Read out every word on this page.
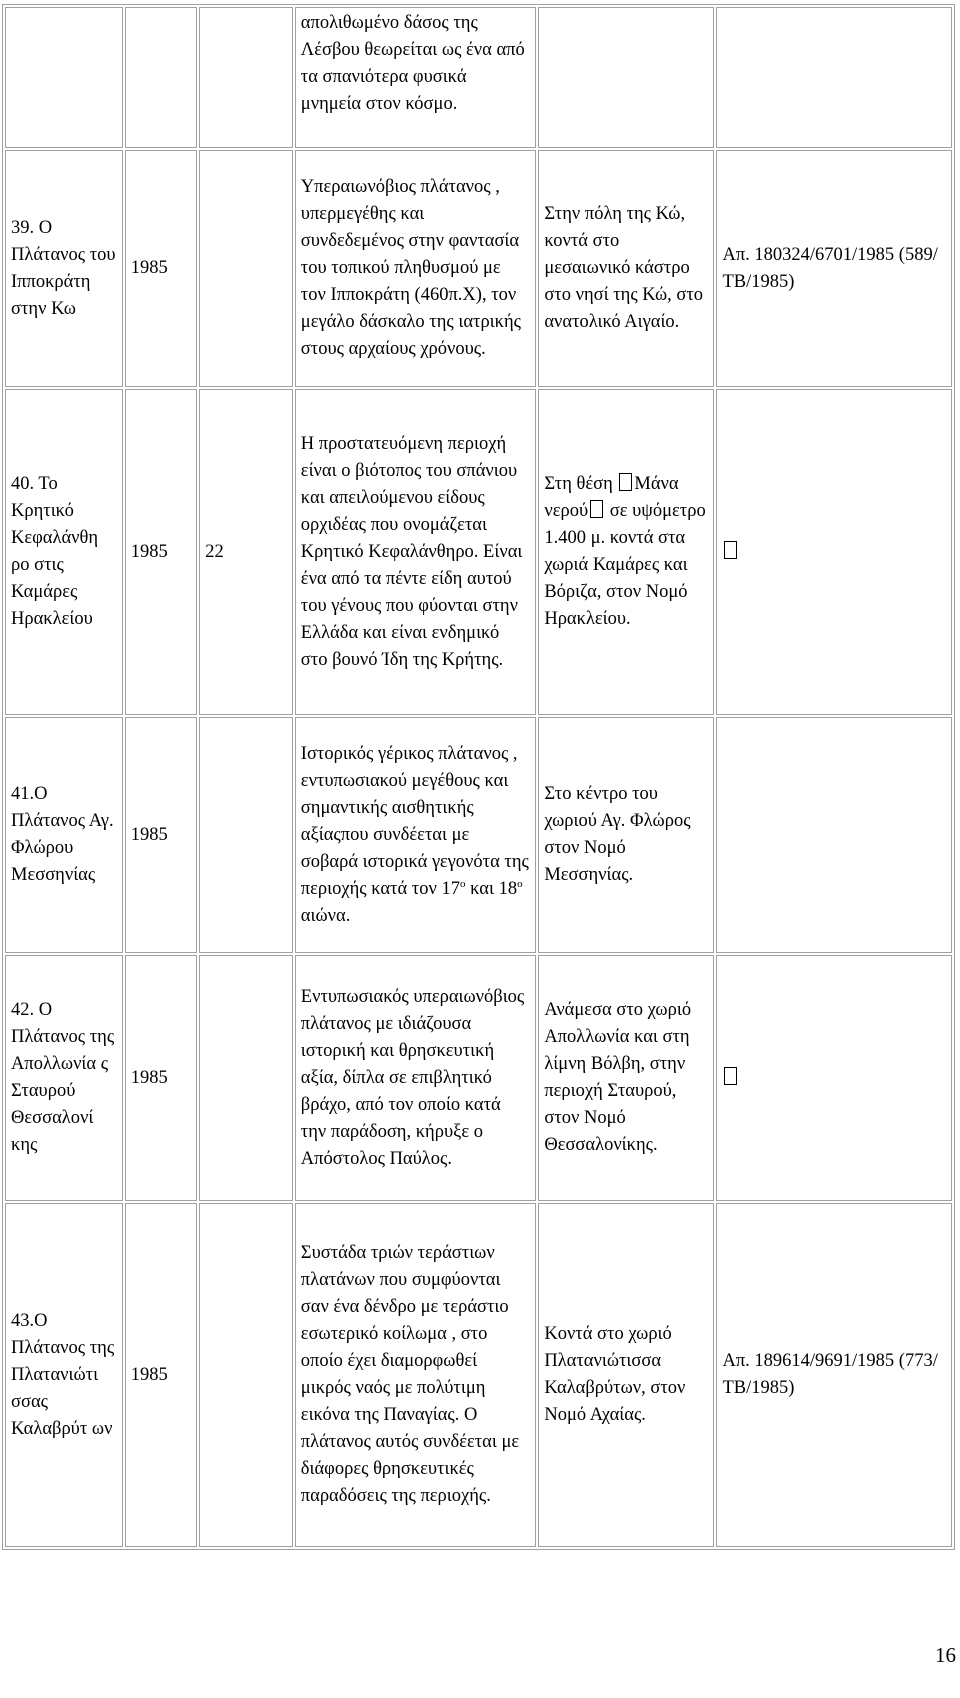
			απολιθωμένο δάσος της Λέσβου θεωρείται ως ένα από τα σπανιότερα φυσικά μνημεία στον κόσμο.		
39. Ο Πλάτανος του Ιπποκράτη στην Κω	1985		Υπεραιωνόβιος πλάτανος , υπερμεγέθης και συνδεδεμένος στην φαντασία του τοπικού πληθυσμού με τον Ιπποκράτη (460π.Χ), τον μεγάλο δάσκαλο της ιατρικής στους αρχαίους χρόνους.	Στην πόλη της Κώ, κοντά στο μεσαιωνικό κάστρο στο νησί της Κώ, στο ανατολικό Αιγαίο.	Απ. 180324/6701/1985 (589/ΤΒ/1985)
40. Το Κρητικό Κεφαλάνθη ρο στις Καμάρες Ηρακλείου	1985	22	Η προστατευόμενη περιοχή είναι ο βιότοπος του σπάνιου και απειλούμενου είδους ορχιδέας που ονομάζεται Κρητικό Κεφαλάνθηρο. Είναι ένα από τα πέντε είδη αυτού του γένους που φύονται στην Ελλάδα και είναι ενδημικό στο βουνό Ίδη της Κρήτης.	Στη θέση Μάνα νερού σε υψόμετρο 1.400 μ. κοντά στα χωριά Καμάρες και Βόριζα, στον Νομό Ηρακλείου.	
41.Ο Πλάτανος Αγ. Φλώρου Μεσσηνίας	1985		Ιστορικός γέρικος πλάτανος , εντυπωσιακού μεγέθους και σημαντικής αισθητικής αξίαςπου συνδέεται με σοβαρά ιστορικά γεγονότα της περιοχής κατά τον $17^o$ και $18^o$ αιώνα.	Στο κέντρο του χωριού Αγ. Φλώρος στον Νομό Μεσσηνίας.	
42. Ο Πλάτανος της Απολλωνία ς Σταυρού Θεσσαλονί κης	1985		Εντυπωσιακός υπεραιωνόβιος πλάτανος με ιδιάζουσα ιστορική και θρησκευτική αξία, δίπλα σε επιβλητικό βράχο, από τον οποίο κατά την παράδοση, κήρυξε ο Απόστολος Παύλος.	Ανάμεσα στο χωριό Απολλωνία και στη λίμνη Βόλβη, στην περιοχή Σταυρού, στον Νομό Θεσσαλονίκης.	
43.Ο Πλάτανος της Πλατανιώτι σσας Καλαβρύτ ων	1985		Συστάδα τριών τεράστιων πλατάνων που συμφύονται σαν ένα δένδρο με τεράστιο εσωτερικό κοίλωμα , στο οποίο έχει διαμορφωθεί μικρός ναός με πολύτιμη εικόνα της Παναγίας. Ο πλάτανος αυτός συνδέεται με διάφορες θρησκευτικές παραδόσεις της περιοχής.	Κοντά στο χωριό Πλατανιώτισσα Καλαβρύτων, στον Νομό Αχαίας.	Απ. 189614/9691/1985 (773/ΤΒ/1985)
16
